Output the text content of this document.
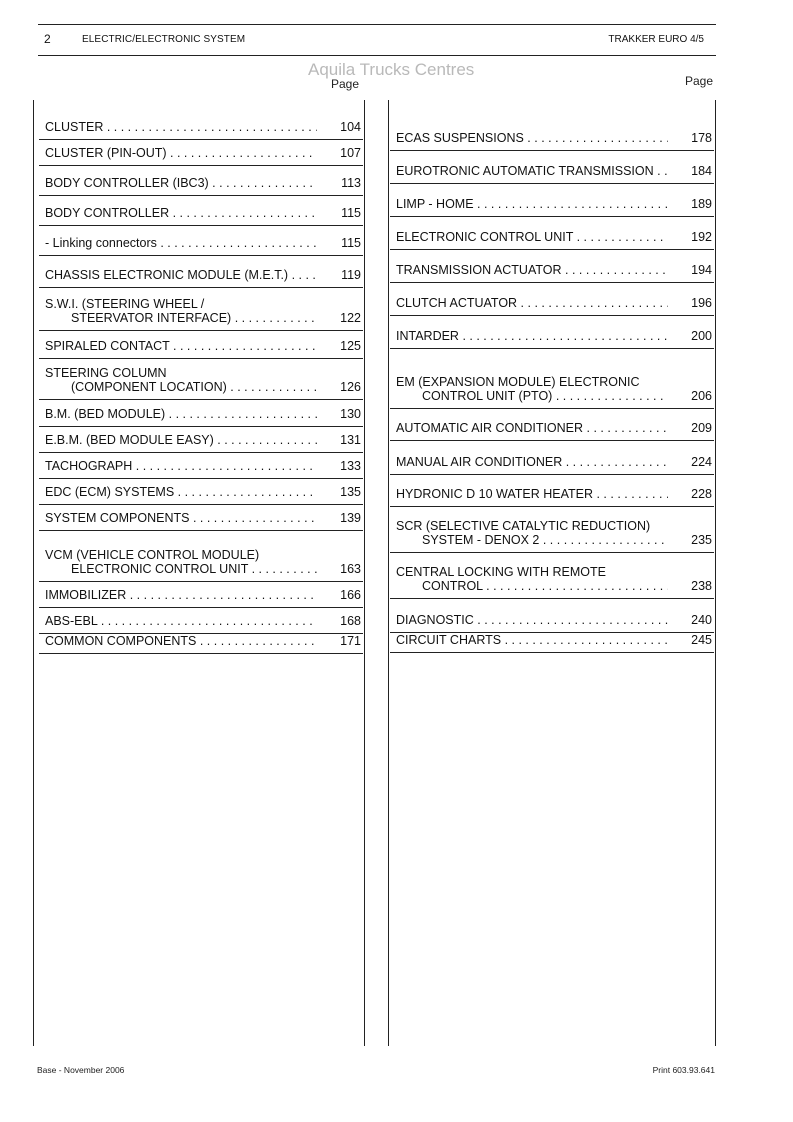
2	ELECTRIC/ELECTRONIC SYSTEM	TRAKKER EURO 4/5
Aquila Trucks Centres
Page	Page
CLUSTER . . .	104
CLUSTER (PIN-OUT) . . .	107
BODY CONTROLLER (IBC3) . . .	113
BODY CONTROLLER . . .	115
- Linking connectors . . .	115
CHASSIS ELECTRONIC MODULE (M.E.T.) . . .	119
S.W.I. (STEERING WHEEL /
STEERVATOR INTERFACE) . . .	122
SPIRALED CONTACT . . .	125
STEERING COLUMN
(COMPONENT LOCATION) . . .	126
B.M. (BED MODULE) . . .	130
E.B.M. (BED MODULE EASY) . . .	131
TACHOGRAPH . . .	133
EDC (ECM) SYSTEMS . . .	135
SYSTEM COMPONENTS . . .	139
VCM (VEHICLE CONTROL MODULE)
ELECTRONIC CONTROL UNIT . . .	163
IMMOBILIZER . . .	166
ABS-EBL . . .	168
COMMON COMPONENTS . . .	171
ECAS SUSPENSIONS . . .	178
EUROTRONIC AUTOMATIC TRANSMISSION . . .	184
LIMP - HOME . . .	189
ELECTRONIC CONTROL UNIT . . .	192
TRANSMISSION ACTUATOR . . .	194
CLUTCH ACTUATOR . . .	196
INTARDER . . .	200
EM (EXPANSION MODULE) ELECTRONIC
CONTROL UNIT (PTO) . . .	206
AUTOMATIC AIR CONDITIONER . . .	209
MANUAL AIR CONDITIONER . . .	224
HYDRONIC D 10 WATER HEATER . . .	228
SCR (SELECTIVE CATALYTIC REDUCTION)
SYSTEM - DENOX 2 . . .	235
CENTRAL LOCKING WITH REMOTE
CONTROL . . .	238
DIAGNOSTIC . . .	240
CIRCUIT CHARTS . . .	245
Base - November 2006	Print 603.93.641
